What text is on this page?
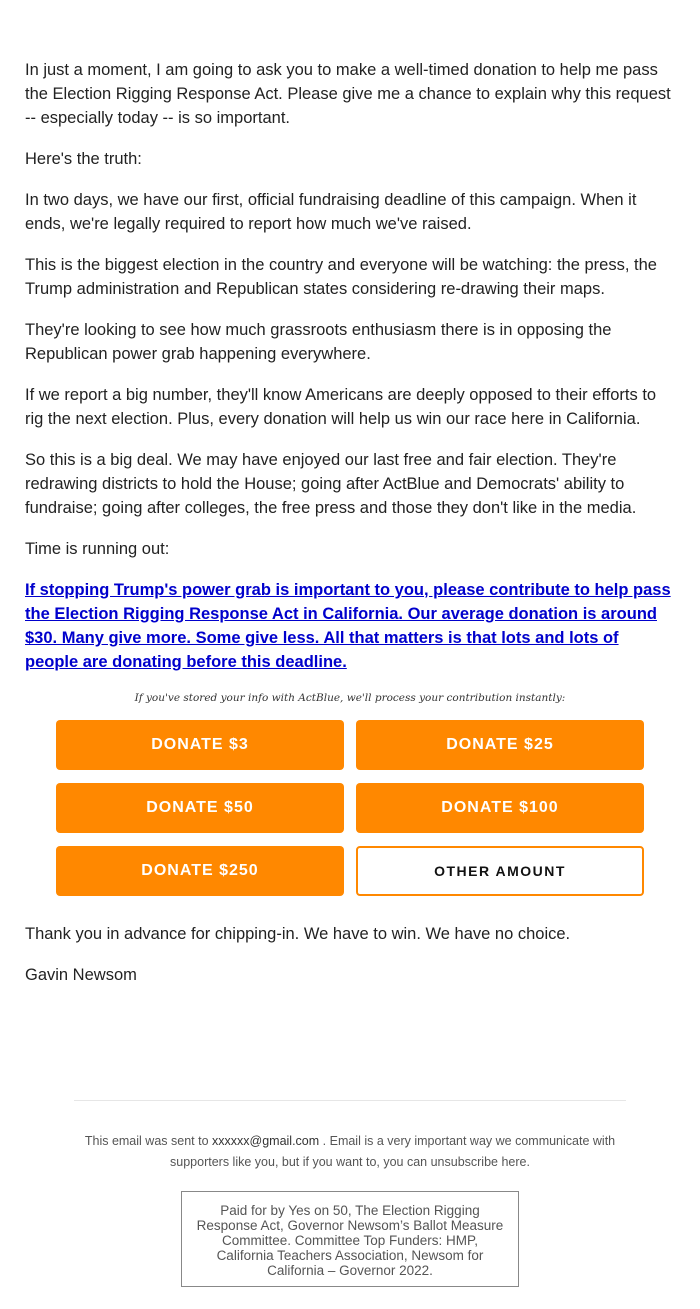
In just a moment, I am going to ask you to make a well-timed donation to help me pass the Election Rigging Response Act. Please give me a chance to explain why this request -- especially today -- is so important.

Here's the truth:

In two days, we have our first, official fundraising deadline of this campaign. When it ends, we're legally required to report how much we've raised.

This is the biggest election in the country and everyone will be watching: the press, the Trump administration and Republican states considering re-drawing their maps.

They're looking to see how much grassroots enthusiasm there is in opposing the Republican power grab happening everywhere.

If we report a big number, they'll know Americans are deeply opposed to their efforts to rig the next election. Plus, every donation will help us win our race here in California.

So this is a big deal. We may have enjoyed our last free and fair election. They're redrawing districts to hold the House; going after ActBlue and Democrats' ability to fundraise; going after colleges, the free press and those they don't like in the media.

Time is running out:

If stopping Trump's power grab is important to you, please contribute to help pass the Election Rigging Response Act in California. Our average donation is around $30. Many give more. Some give less. All that matters is that lots and lots of people are donating before this deadline.
If you've stored your info with ActBlue, we'll process your contribution instantly:
DONATE $3	DONATE $25
DONATE $50	DONATE $100
DONATE $250	OTHER AMOUNT

Thank you in advance for chipping-in. We have to win. We have no choice.

Gavin Newsom

This email was sent to xxxxxx@gmail.com . Email is a very important way we communicate with supporters like you, but if you want to, you can unsubscribe here.
Paid for by Yes on 50, The Election Rigging Response Act, Governor Newsom’s Ballot Measure Committee. Committee Top Funders: HMP, California Teachers Association, Newsom for California – Governor 2022.
